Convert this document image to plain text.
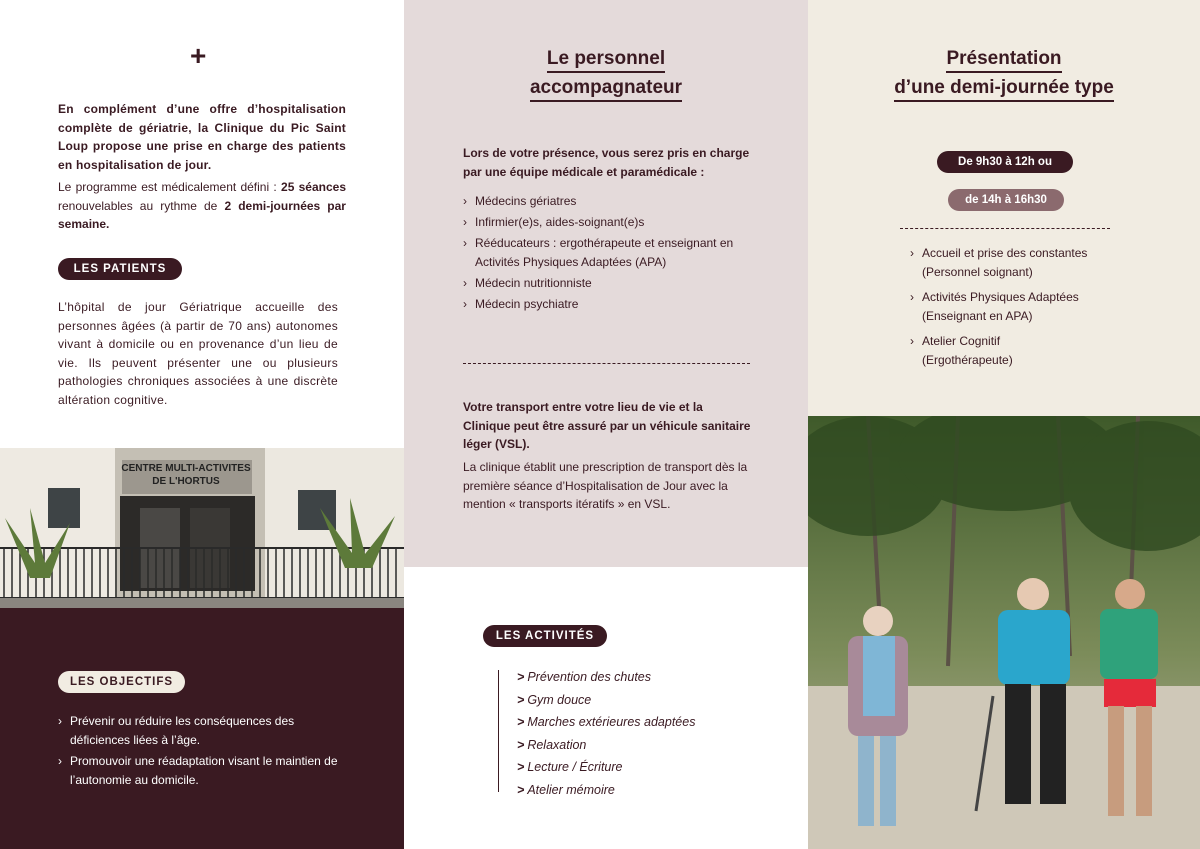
+

En complément d’une offre d’hospitalisation complète de gériatrie, la Clinique du Pic Saint Loup propose une prise en charge des patients en hospitalisation de jour.

Le programme est médicalement défini : 25 séances renouvelables au rythme de 2 demi-journées par semaine.

LES PATIENTS

L’hôpital de jour Gériatrique accueille des personnes âgées (à partir de 70 ans) autonomes vivant à domicile ou en provenance d’un lieu de vie. Ils peuvent présenter une ou plusieurs pathologies chroniques associées à une discrète altération cognitive.

CENTRE MULTI-ACTIVITES
DE L'HORTUS
LES OBJECTIFS
› Prévenir ou réduire les conséquences des déficiences liées à l’âge.
› Promouvoir une réadaptation visant le maintien de l’autonomie au domicile.
Le personnel
accompagnateur

Lors de votre présence, vous serez pris en charge par une équipe médicale et paramédicale :

› Médecins gériatres
› Infirmier(e)s, aides-soignant(e)s
› Rééducateurs : ergothérapeute et enseignant en Activités Physiques Adaptées (APA)
› Médecin nutritionniste
› Médecin psychiatre

Votre transport entre votre lieu de vie et la Clinique peut être assuré par un véhicule sanitaire léger (VSL).

La clinique établit une prescription de transport dès la première séance d’Hospitalisation de Jour avec la mention « transports itératifs » en VSL.

LES ACTIVITÉS
> Prévention des chutes
> Gym douce
> Marches extérieures adaptées
> Relaxation
> Lecture / Écriture
> Atelier mémoire
Présentation
d’une demi-journée type
De 9h30 à 12h ou
de 14h à 16h30
› Accueil et prise des constantes
(Personnel soignant)
› Activités Physiques Adaptées
(Enseignant en APA)
› Atelier Cognitif
(Ergothérapeute)
